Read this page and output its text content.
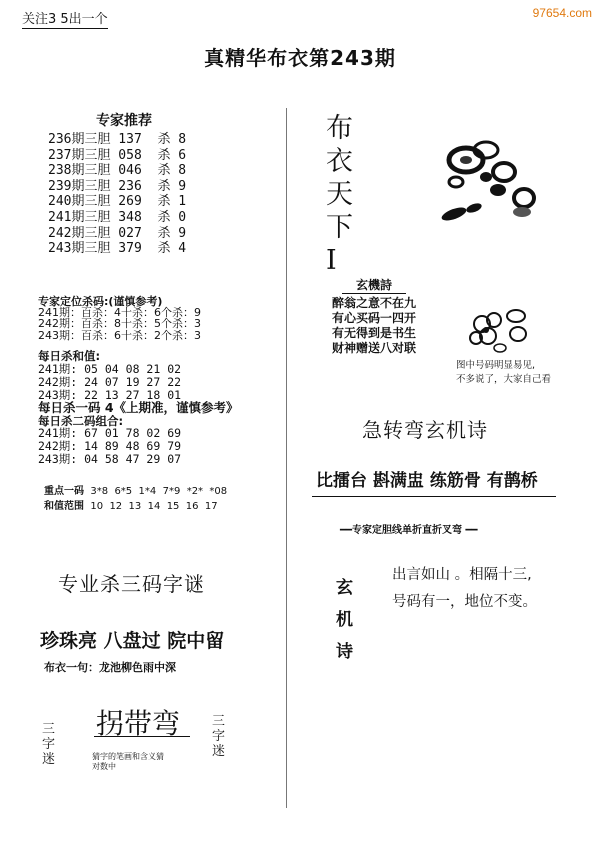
关注3 5出一个	97654.com
真精华布衣第243期
专家推荐
236期三胆 137  杀 8
237期三胆 058  杀 6
238期三胆 046  杀 8
239期三胆 236  杀 9
240期三胆 269  杀 1
241期三胆 348  杀 0
242期三胆 027  杀 9
243期三胆 379  杀 4
专家定位杀码:(谨慎参考)
241期：百杀：4十杀：6个杀：9
242期：百杀：8十杀：5个杀：3
243期：百杀：6十杀：2个杀：3
每日杀和值:
241期: 05 04 08 21 02
242期: 24 07 19 27 22
243期: 22 13 27 18 01
每日杀一码 4《上期准，谨慎参考》
每日杀二码组合:
241期: 67 01 78 02 69
242期: 14 89 48 69 79
243期: 04 58 47 29 07
重点一码 3*8  6*5  1*4  7*9  *2*  *08
和值范围 10  12  13  14  15  16  17
专业杀三码字谜
珍珠亮 八盘过 院中留
布衣一句：龙池柳色雨中深
三字迷
三字迷
拐带弯
猜字的笔画和含义猜
对数中
布
衣
天
下
I
玄機詩
醉翁之意不在九
有心买码一四开
有无得到是书生
财神赠送八对联
图中号码明显易见,
不多说了，大家自己看
急转弯玄机诗
比擂台 斟满盅 练筋骨 有鹊桥
━━专家定胆线单折直折叉弯 ━━
玄
机
诗
出言如山 。相隔十三,
号码有一，地位不变。
